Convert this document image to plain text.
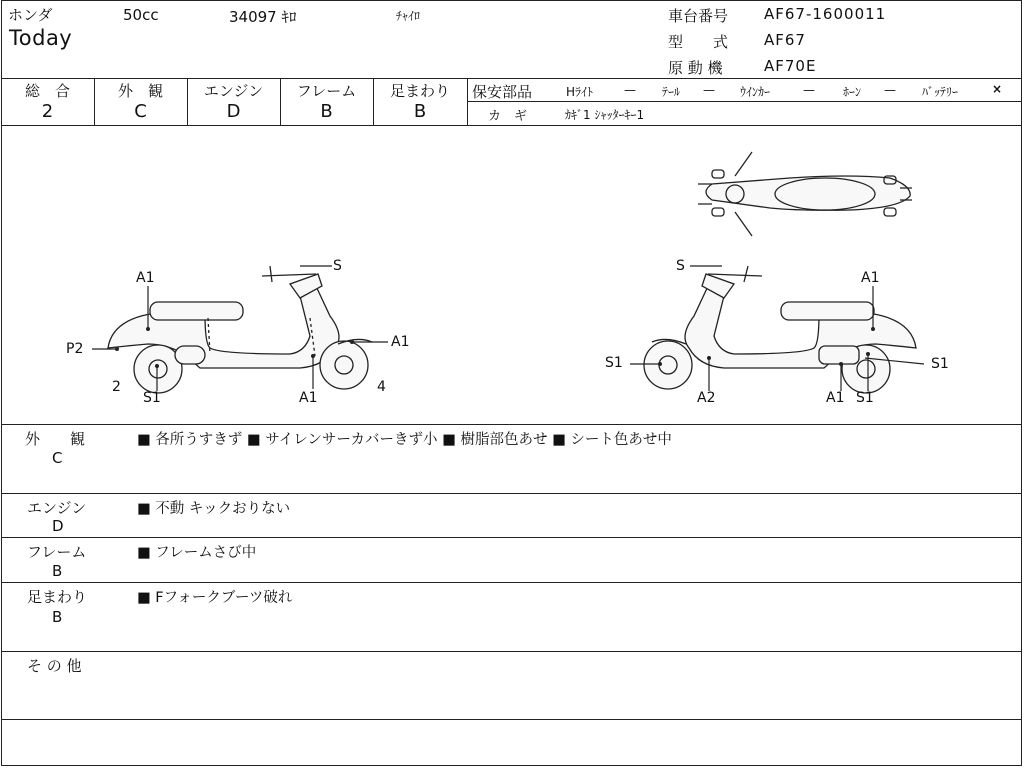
ホンダ	50cc	34097 ｷﾛ	ﾁｬｲﾛ
Today
車台番号 AF67-1600011
型　　式 AF67
原 動 機	AF70E
総　合
2
外　観
C
エンジン
D
フレーム
B
足まわり
B
保安部品	Hﾗｲﾄ	— ﾃｰﾙ — ｳｲﾝｶｰ	— ﾎｰﾝ — ﾊﾞｯﾃﾘｰ	×
カ　ギ	ｶｷﾞ1 ｼｬｯﾀｰｷｰ1
S
A1
P2	A1
2
S1	A1
4
S
A1
S1	S1
A2	A1 S1
外　　観
C
■ 各所うすきず ■ サイレンサーカバーきず小 ■ 樹脂部色あせ ■ シート色あせ中
エンジン
D
■ 不動 キックおりない
フレーム
B
■ フレームさび中
足まわり
B
■ Fフォークブーツ破れ
そ の 他
